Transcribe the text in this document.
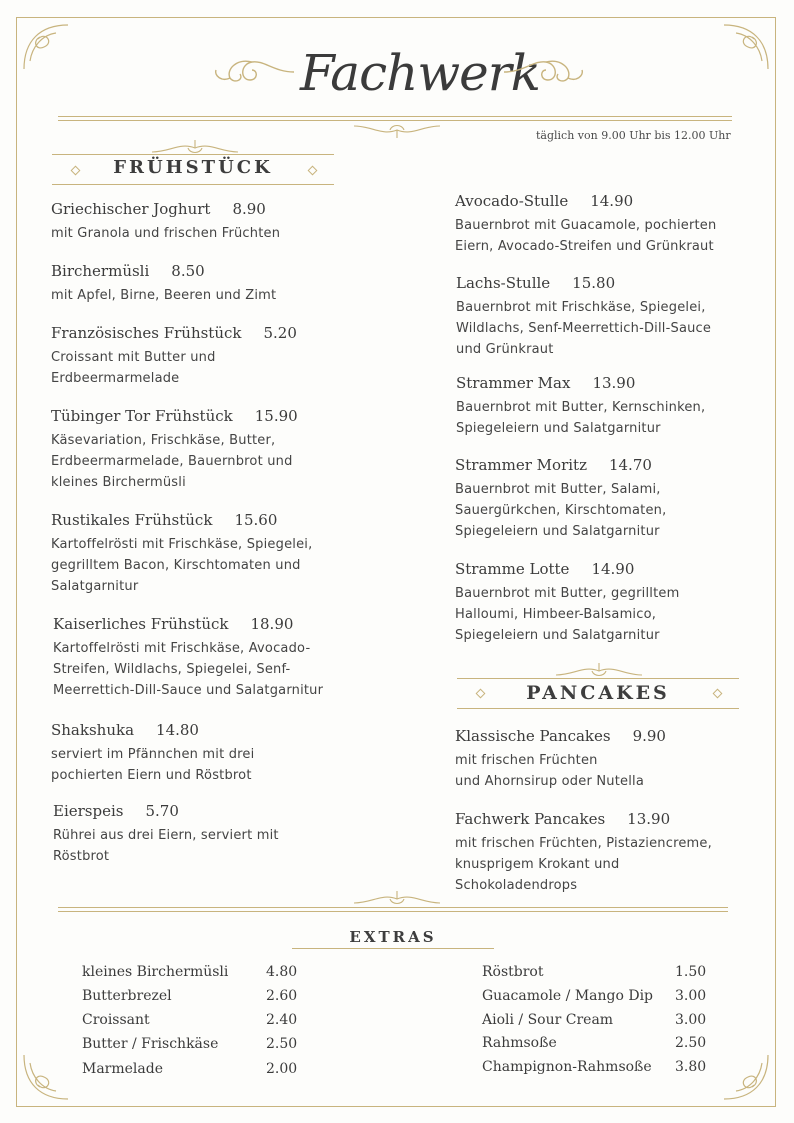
Fachwerk
täglich von 9.00 Uhr bis 12.00 Uhr
FRÜHSTÜCK
Griechischer Joghurt 8.90
mit Granola und frischen Früchten
Birchermüsli 8.50
mit Apfel, Birne, Beeren und Zimt
Französisches Frühstück 5.20
Croissant mit Butter und
Erdbeermarmelade
Tübinger Tor Frühstück 15.90
Käsevariation, Frischkäse, Butter,
Erdbeermarmelade, Bauernbrot und
kleines Birchermüsli
Rustikales Frühstück 15.60
Kartoffelrösti mit Frischkäse, Spiegelei,
gegrilltem Bacon, Kirschtomaten und
Salatgarnitur
Kaiserliches Frühstück 18.90
Kartoffelrösti mit Frischkäse, Avocado-
Streifen, Wildlachs, Spiegelei, Senf-
Meerrettich-Dill-Sauce und Salatgarnitur
Shakshuka 14.80
serviert im Pfännchen mit drei
pochierten Eiern und Röstbrot
Eierspeis 5.70
Rührei aus drei Eiern, serviert mit
Röstbrot
Avocado-Stulle 14.90
Bauernbrot mit Guacamole, pochierten
Eiern, Avocado-Streifen und Grünkraut
Lachs-Stulle 15.80
Bauernbrot mit Frischkäse, Spiegelei,
Wildlachs, Senf-Meerrettich-Dill-Sauce
und Grünkraut
Strammer Max 13.90
Bauernbrot mit Butter, Kernschinken,
Spiegeleiern und Salatgarnitur
Strammer Moritz 14.70
Bauernbrot mit Butter, Salami,
Sauergürkchen, Kirschtomaten,
Spiegeleiern und Salatgarnitur
Stramme Lotte 14.90
Bauernbrot mit Butter, gegrilltem
Halloumi, Himbeer-Balsamico,
Spiegeleiern und Salatgarnitur
PANCAKES
Klassische Pancakes 9.90
mit frischen Früchten
und Ahornsirup oder Nutella
Fachwerk Pancakes 13.90
mit frischen Früchten, Pistaziencreme,
knusprigem Krokant und
Schokoladendrops
EXTRAS
kleines Birchermüsli	4.80
Butterbrezel	2.60
Croissant	2.40
Butter / Frischkäse	2.50
Marmelade	2.00
Röstbrot	1.50
Guacamole / Mango Dip 3.00
Aioli / Sour Cream	3.00
Rahmsoße	2.50
Champignon-Rahmsoße 3.80
